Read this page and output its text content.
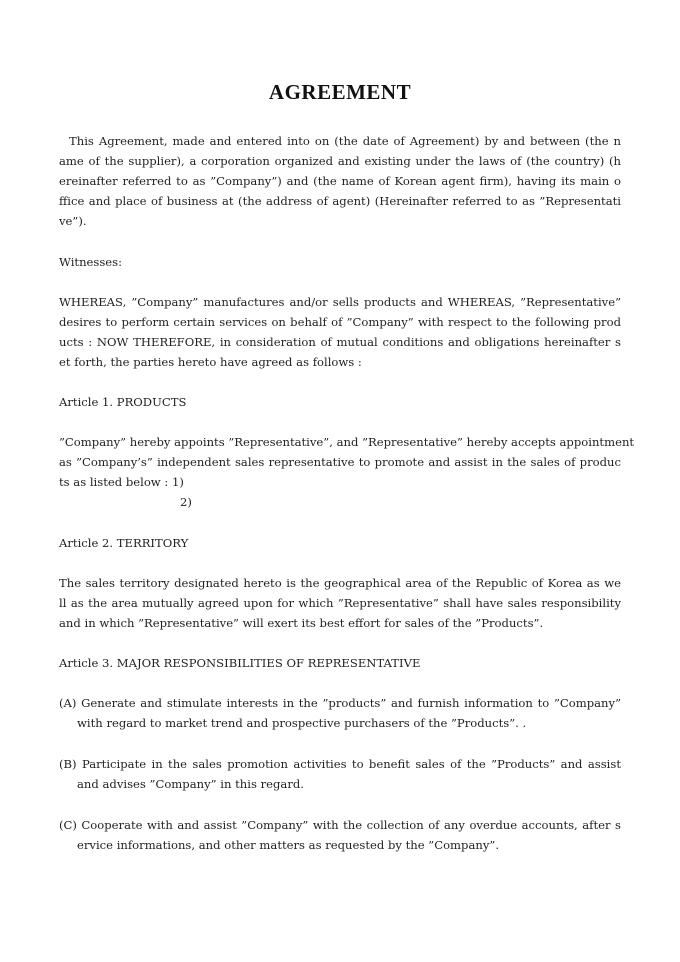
AGREEMENT
This Agreement, made and entered into on (the date of Agreement) by and between (the n
ame of the supplier), a corporation organized and existing under the laws of (the country) (h
ereinafter referred to as ”Company”) and (the name of Korean agent firm), having its main o
ffice and place of business at (the address of agent) (Hereinafter referred to as ”Representati
ve”).
Witnesses:
WHEREAS, ”Company” manufactures and/or sells products and WHEREAS, ”Representative”
desires to perform certain services on behalf of ”Company” with respect to the following prod
ucts : NOW THEREFORE, in consideration of mutual conditions and obligations hereinafter s
et forth, the parties hereto have agreed as follows :
Article 1. PRODUCTS
”Company” hereby appoints ”Representative”, and ”Representative” hereby accepts appointment
as ”Company’s” independent sales representative to promote and assist in the sales of produc
ts as listed below : 1)
2)
Article 2. TERRITORY
The sales territory designated hereto is the geographical area of the Republic of Korea as we
ll as the area mutually agreed upon for which ”Representative” shall have sales responsibility
and in which ”Representative” will exert its best effort for sales of the ”Products”.
Article 3. MAJOR RESPONSIBILITIES OF REPRESENTATIVE
(A) Generate and stimulate interests in the ”products” and furnish information to ”Company”
with regard to market trend and prospective purchasers of the ”Products”. .
(B) Participate in the sales promotion activities to benefit sales of the ”Products” and assist
and advises ”Company” in this regard.
(C) Cooperate with and assist ”Company” with the collection of any overdue accounts, after s
ervice informations, and other matters as requested by the ”Company”.
